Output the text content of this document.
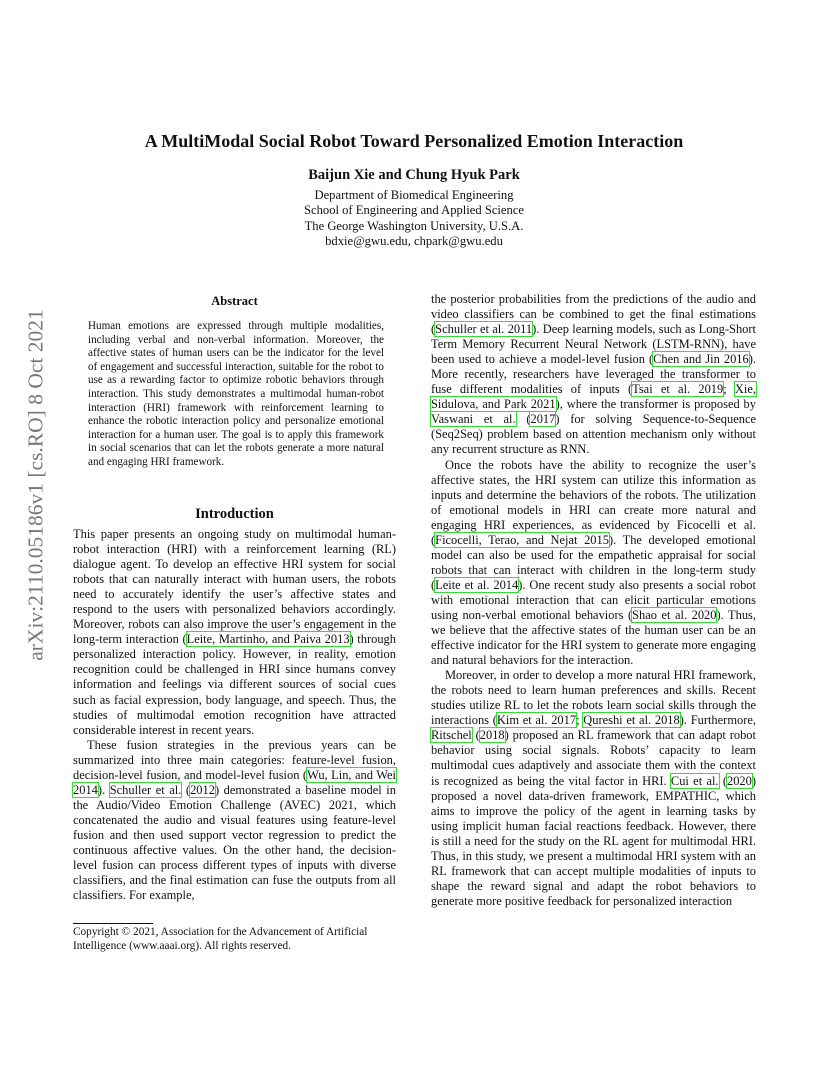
arXiv:2110.05186v1 [cs.RO] 8 Oct 2021
A MultiModal Social Robot Toward Personalized Emotion Interaction
Baijun Xie and Chung Hyuk Park
Department of Biomedical Engineering
School of Engineering and Applied Science
The George Washington University, U.S.A.
bdxie@gwu.edu, chpark@gwu.edu
Abstract
Human emotions are expressed through multiple modalities, including verbal and non-verbal information. Moreover, the affective states of human users can be the indicator for the level of engagement and successful interaction, suitable for the robot to use as a rewarding factor to optimize robotic behaviors through interaction. This study demonstrates a multimodal human-robot interaction (HRI) framework with reinforcement learning to enhance the robotic interaction policy and personalize emotional interaction for a human user. The goal is to apply this framework in social scenarios that can let the robots generate a more natural and engaging HRI framework.
Introduction

This paper presents an ongoing study on multimodal human-robot interaction (HRI) with a reinforcement learning (RL) dialogue agent. To develop an effective HRI system for social robots that can naturally interact with human users, the robots need to accurately identify the user’s affective states and respond to the users with personalized behaviors accordingly. Moreover, robots can also improve the user’s engagement in the long-term interaction (Leite, Martinho, and Paiva 2013) through personalized interaction policy. However, in reality, emotion recognition could be challenged in HRI since humans convey information and feelings via different sources of social cues such as facial expression, body language, and speech. Thus, the studies of multimodal emotion recognition have attracted considerable interest in recent years.

These fusion strategies in the previous years can be summarized into three main categories: feature-level fusion, decision-level fusion, and model-level fusion (Wu, Lin, and Wei 2014). Schuller et al. (2012) demonstrated a baseline model in the Audio/Video Emotion Challenge (AVEC) 2021, which concatenated the audio and visual features using feature-level fusion and then used support vector regression to predict the continuous affective values. On the other hand, the decision-level fusion can process different types of inputs with diverse classifiers, and the final estimation can fuse the outputs from all classifiers. For example,

the posterior probabilities from the predictions of the audio and video classifiers can be combined to get the final estimations (Schuller et al. 2011). Deep learning models, such as Long-Short Term Memory Recurrent Neural Network (LSTM-RNN), have been used to achieve a model-level fusion (Chen and Jin 2016). More recently, researchers have leveraged the transformer to fuse different modalities of inputs (Tsai et al. 2019; Xie, Sidulova, and Park 2021), where the transformer is proposed by Vaswani et al. (2017) for solving Sequence-to-Sequence (Seq2Seq) problem based on attention mechanism only without any recurrent structure as RNN.

Once the robots have the ability to recognize the user’s affective states, the HRI system can utilize this information as inputs and determine the behaviors of the robots. The utilization of emotional models in HRI can create more natural and engaging HRI experiences, as evidenced by Ficocelli et al. (Ficocelli, Terao, and Nejat 2015). The developed emotional model can also be used for the empathetic appraisal for social robots that can interact with children in the long-term study (Leite et al. 2014). One recent study also presents a social robot with emotional interaction that can elicit particular emotions using non-verbal emotional behaviors (Shao et al. 2020). Thus, we believe that the affective states of the human user can be an effective indicator for the HRI system to generate more engaging and natural behaviors for the interaction.

Moreover, in order to develop a more natural HRI framework, the robots need to learn human preferences and skills. Recent studies utilize RL to let the robots learn social skills through the interactions (Kim et al. 2017; Qureshi et al. 2018). Furthermore, Ritschel (2018) proposed an RL framework that can adapt robot behavior using social signals. Robots’ capacity to learn multimodal cues adaptively and associate them with the context is recognized as being the vital factor in HRI. Cui et al. (2020) proposed a novel data-driven framework, EMPATHIC, which aims to improve the policy of the agent in learning tasks by using implicit human facial reactions feedback. However, there is still a need for the study on the RL agent for multimodal HRI. Thus, in this study, we present a multimodal HRI system with an RL framework that can accept multiple modalities of inputs to shape the reward signal and adapt the robot behaviors to generate more positive feedback for personalized interaction

Copyright © 2021, Association for the Advancement of Artificial Intelligence (www.aaai.org). All rights reserved.
